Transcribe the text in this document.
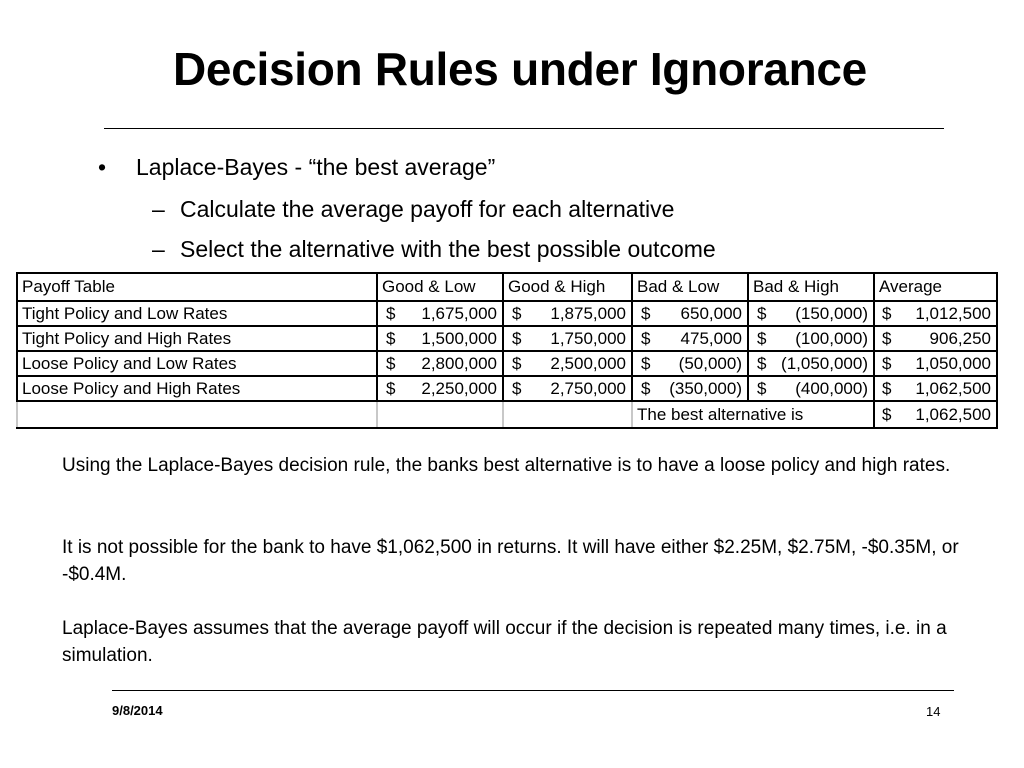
Decision Rules under Ignorance
• Laplace-Bayes - “the best average”
– Calculate the average payoff for each alternative
– Select the alternative with the best possible outcome
Payoff Table	Good & Low	Good & High	Bad & Low	Bad & High	Average
Tight Policy and Low Rates	$ 1,675,000	$ 1,875,000	$ 650,000	$ (150,000)	$ 1,012,500
Tight Policy and High Rates	$ 1,500,000	$ 1,750,000	$ 475,000	$ (100,000)	$ 906,250
Loose Policy and Low Rates	$ 2,800,000	$ 2,500,000	$ (50,000)	$ (1,050,000)	$ 1,050,000
Loose Policy and High Rates	$ 2,250,000	$ 2,750,000	$ (350,000)	$ (400,000)	$ 1,062,500
			The best alternative is		$ 1,062,500
Using the Laplace-Bayes decision rule, the banks best alternative is to have a loose policy and high rates.
It is not possible for the bank to have $1,062,500 in returns. It will have either $2.25M, $2.75M, -$0.35M, or -$0.4M.
Laplace-Bayes assumes that the average payoff will occur if the decision is repeated many times, i.e. in a simulation.
9/8/2014	14
